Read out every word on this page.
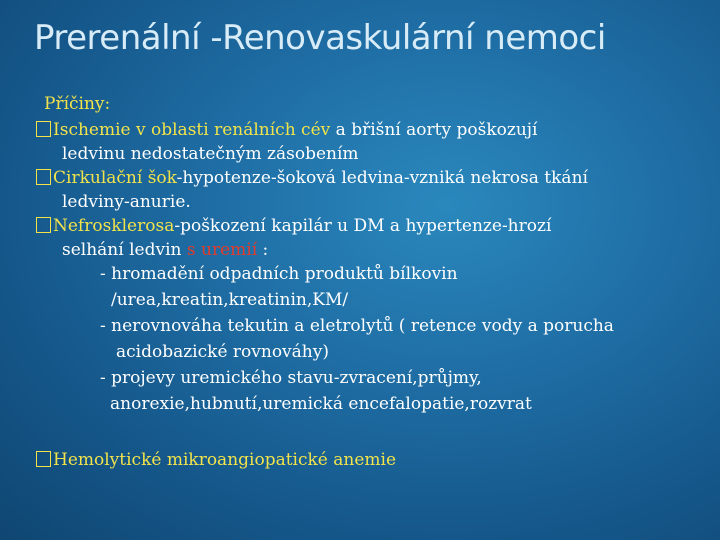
Prerenální -Renovaskulární nemoci
Příčiny:
Ischemie v oblasti renálních cév a břišní aorty poškozují
ledvinu nedostatečným zásobením
Cirkulační šok-hypotenze-šoková ledvina-vzniká nekrosa tkání
ledviny-anurie.
Nefrosklerosa-poškození kapilár u DM a hypertenze-hrozí
selhání ledvin s uremií :
- hromadění odpadních produktů bílkovin
/urea,kreatin,kreatinin,KM/
- nerovnováha tekutin a eletrolytů ( retence vody a porucha
acidobazické rovnováhy)
- projevy uremického stavu-zvracení,průjmy,
anorexie,hubnutí,uremická encefalopatie,rozvrat
Hemolytické mikroangiopatické anemie
